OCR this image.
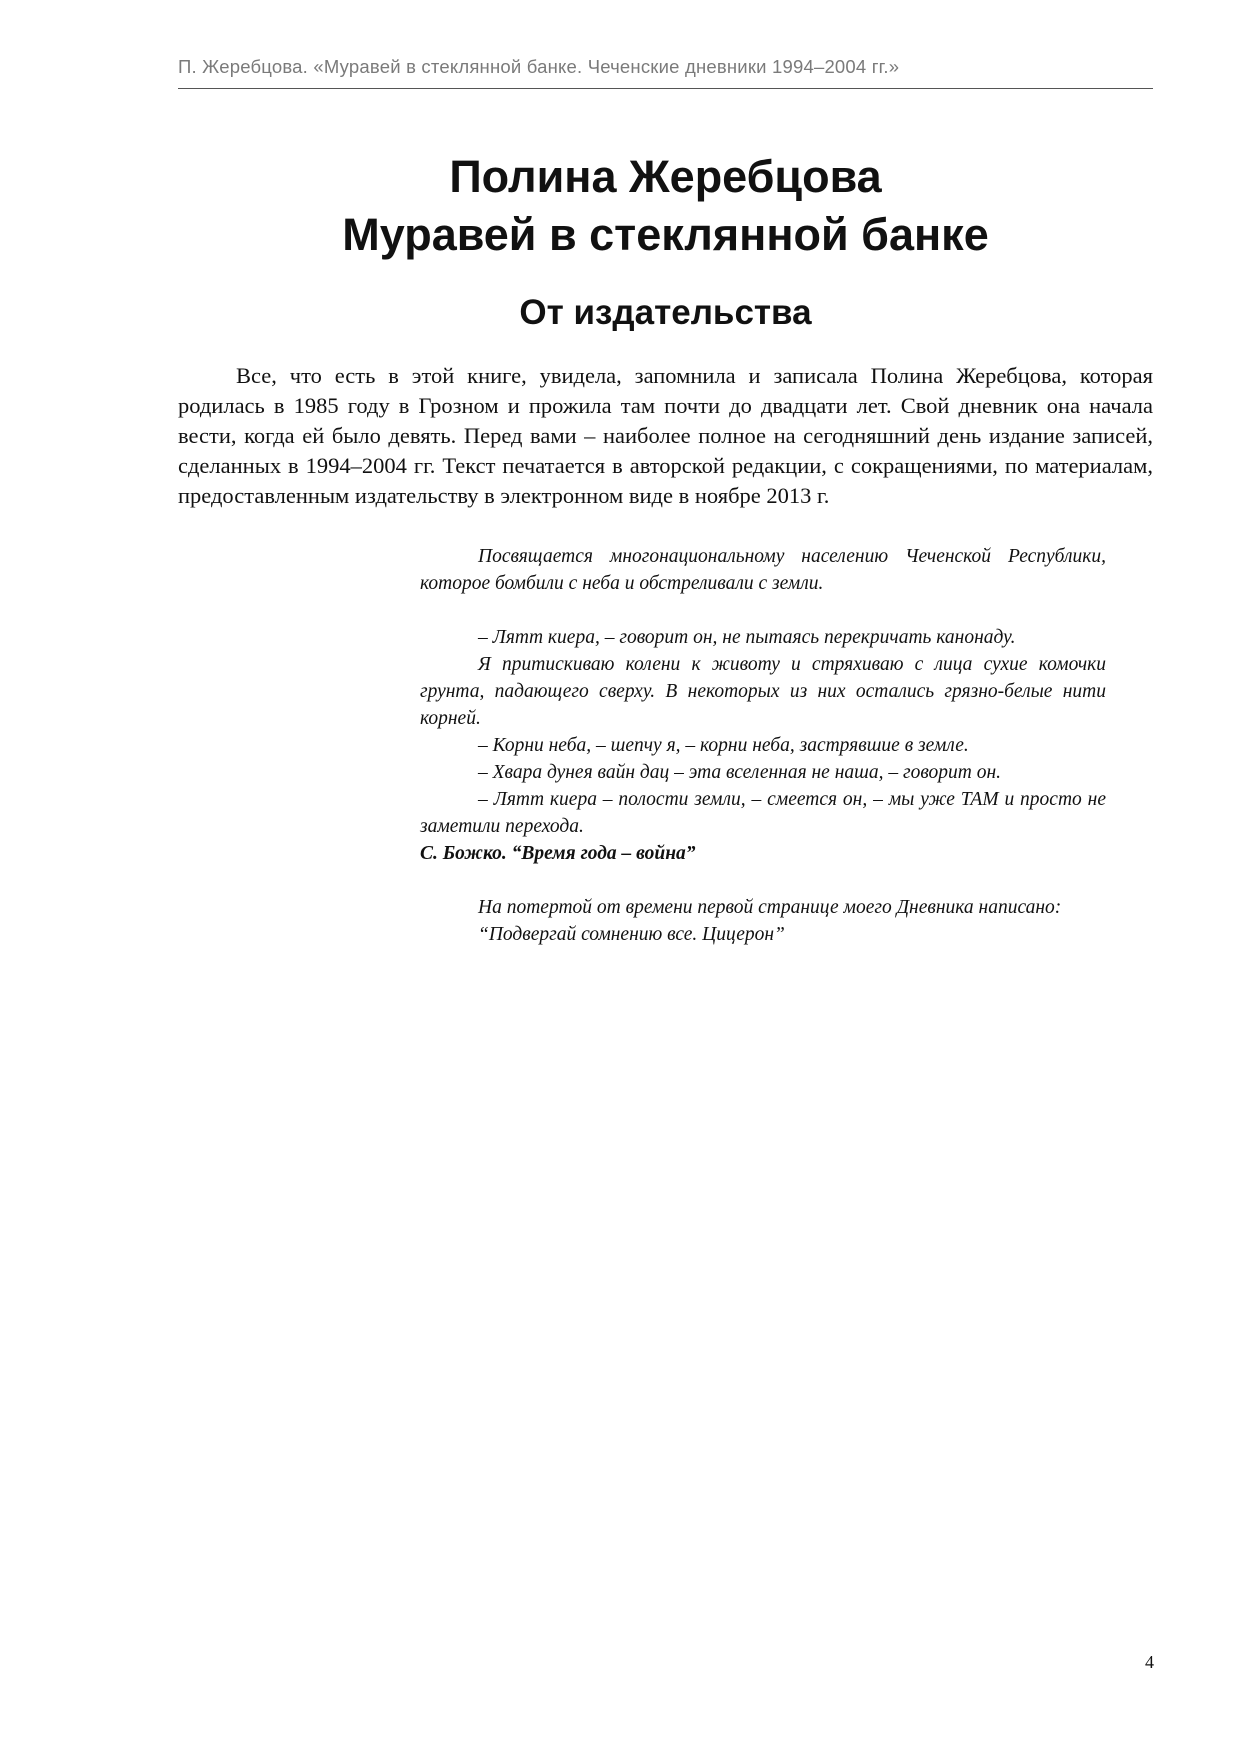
П. Жеребцова. «Муравей в стеклянной банке. Чеченские дневники 1994–2004 гг.»
Полина Жеребцова
Муравей в стеклянной банке
От издательства

Все, что есть в этой книге, увидела, запомнила и записала Полина Жеребцова, которая родилась в 1985 году в Грозном и прожила там почти до двадцати лет. Свой дневник она начала вести, когда ей было девять. Перед вами – наиболее полное на сегодняшний день издание записей, сделанных в 1994–2004 гг. Текст печатается в авторской редакции, с сокращениями, по материалам, предоставленным издательству в электронном виде в ноябре 2013 г.

Посвящается многонациональному населению Чеченской Республики, которое бомбили с неба и обстреливали с земли.

– Лятт киера, – говорит он, не пытаясь перекричать канонаду.

Я притискиваю колени к животу и стряхиваю с лица сухие комочки грунта, падающего сверху. В некоторых из них остались грязно-белые нити корней.

– Корни неба, – шепчу я, – корни неба, застрявшие в земле.

– Хвара дунея вайн дац – эта вселенная не наша, – говорит он.

– Лятт киера – полости земли, – смеется он, – мы уже ТАМ и просто не заметили перехода.

С. Божко. “Время года – война”

На потертой от времени первой странице моего Дневника написано:

“Подвергай сомнению все. Цицерон”

4
